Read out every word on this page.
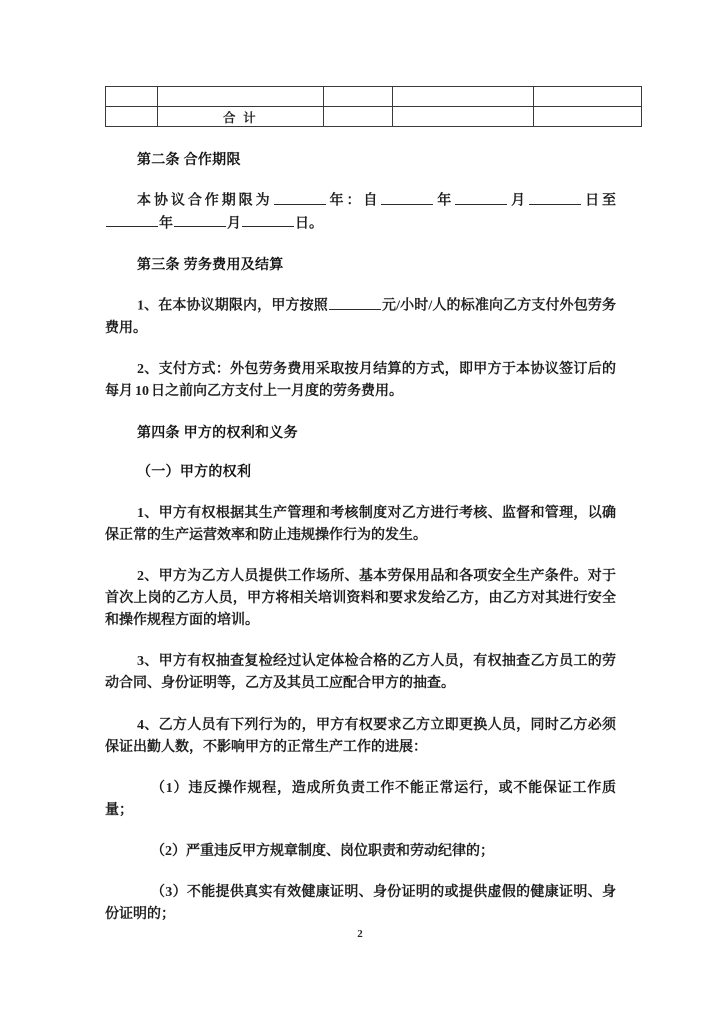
	合 计			

第二条 合作期限

本协议合作期限为	年：自	年	月	日至年	月	日。

第三条 劳务费用及结算

1、在本协议期限内，甲方按照	元/小时/人的标准向乙方支付外包劳务费用。

2、支付方式：外包劳务费用采取按月结算的方式，即甲方于本协议签订后的每月 10 日之前向乙方支付上一月度的劳务费用。

第四条 甲方的权利和义务

（一）甲方的权利

1、甲方有权根据其生产管理和考核制度对乙方进行考核、监督和管理，以确保正常的生产运营效率和防止违规操作行为的发生。

2、甲方为乙方人员提供工作场所、基本劳保用品和各项安全生产条件。对于首次上岗的乙方人员，甲方将相关培训资料和要求发给乙方，由乙方对其进行安全和操作规程方面的培训。

3、甲方有权抽查复检经过认定体检合格的乙方人员，有权抽查乙方员工的劳动合同、身份证明等，乙方及其员工应配合甲方的抽查。

4、乙方人员有下列行为的，甲方有权要求乙方立即更换人员，同时乙方必须保证出勤人数，不影响甲方的正常生产工作的进展：

（1）违反操作规程，造成所负责工作不能正常运行，或不能保证工作质量；

（2）严重违反甲方规章制度、岗位职责和劳动纪律的；

（3）不能提供真实有效健康证明、身份证明的或提供虚假的健康证明、身份证明的；

2
